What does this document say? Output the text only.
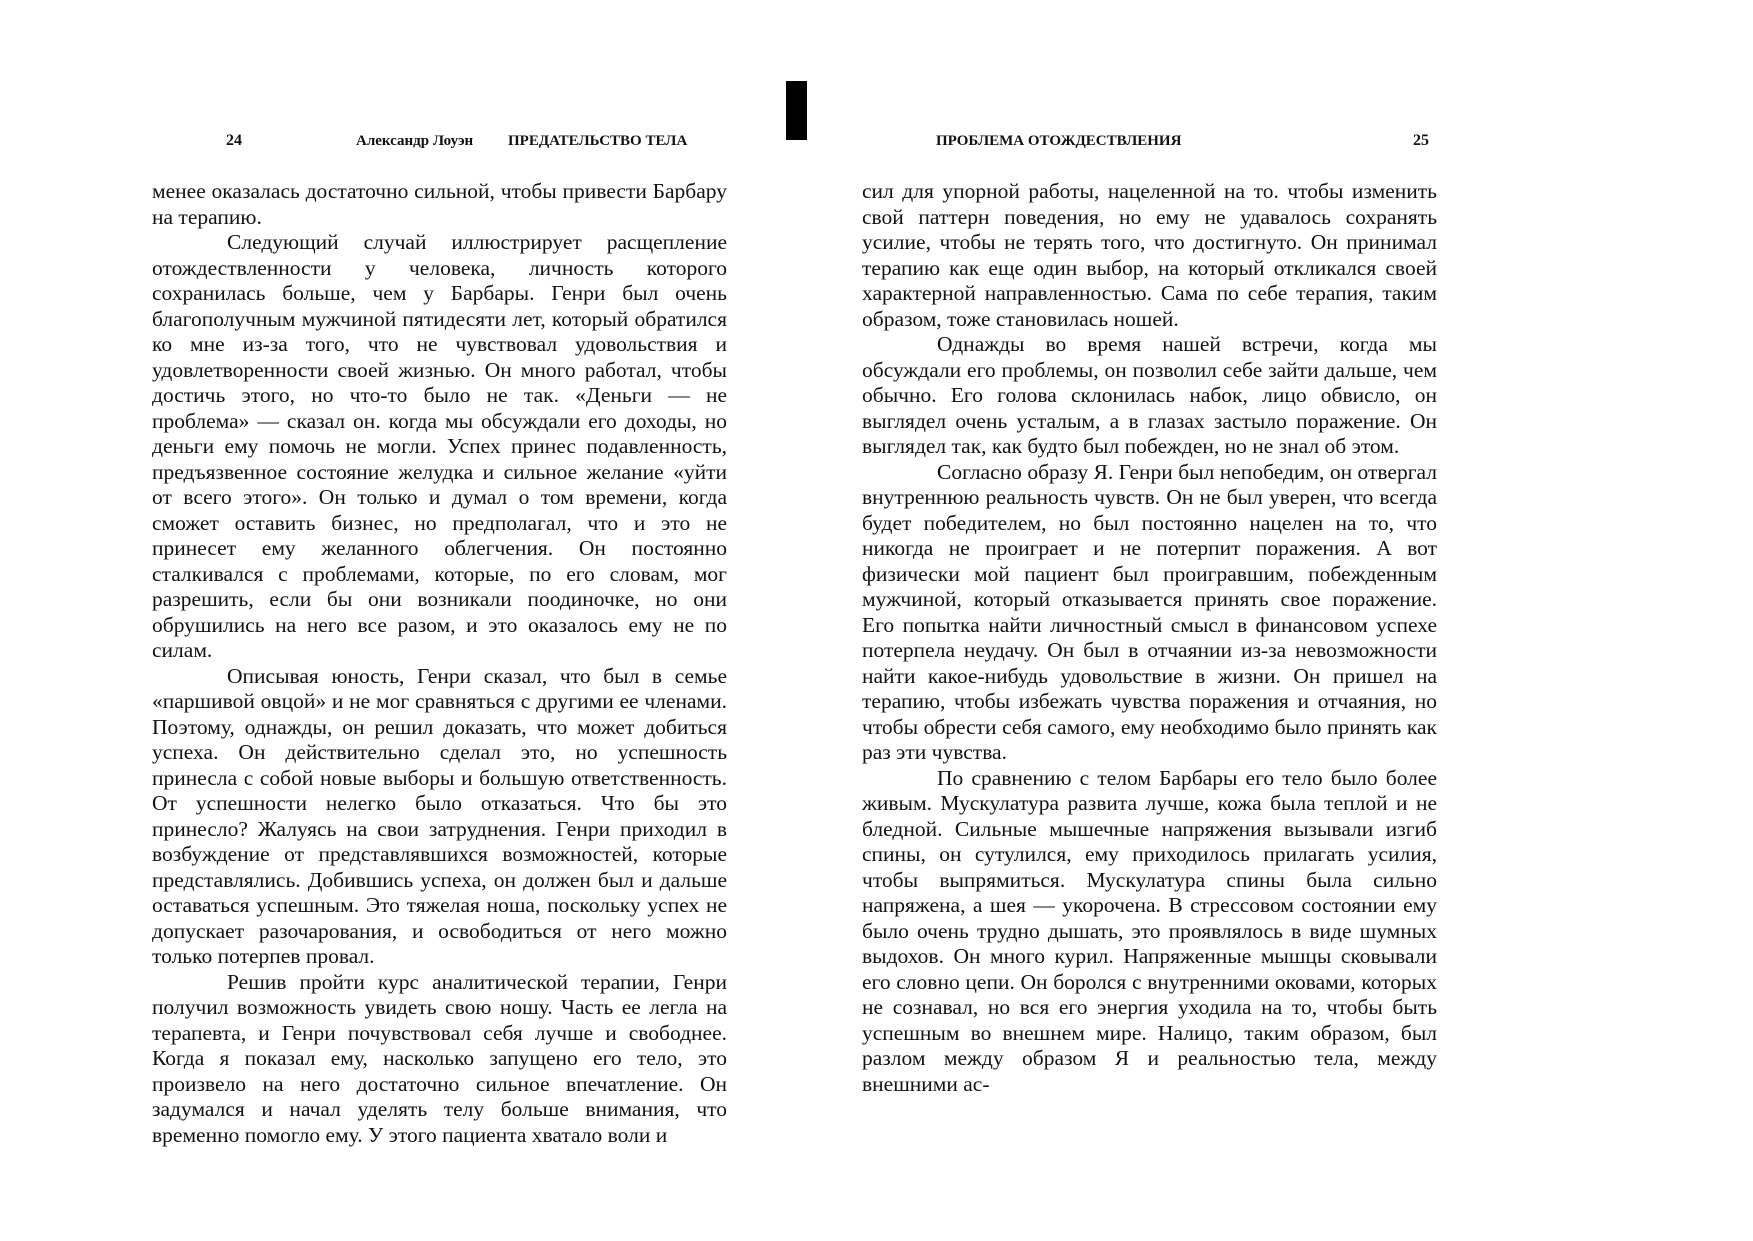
24	Александр Лоуэн ПРЕДАТЕЛЬСТВО ТЕЛА

менее оказалась достаточно сильной, чтобы привести Барбару на терапию.

Следующий случай иллюстрирует расщепление отождествленности у человека, личность которого сохранилась больше, чем у Барбары. Генри был очень благополучным мужчиной пятидесяти лет, который обратился ко мне из-за того, что не чувствовал удовольствия и удовлетворенности своей жизнью. Он много работал, чтобы достичь этого, но что-то было не так. «Деньги — не проблема» — сказал он. когда мы обсуждали его доходы, но деньги ему помочь не могли. Успех принес подавленность, предъязвенное состояние желудка и сильное желание «уйти от всего этого». Он только и думал о том времени, когда сможет оставить бизнес, но предполагал, что и это не принесет ему желанного облегчения. Он постоянно сталкивался с проблемами, которые, по его словам, мог разрешить, если бы они возникали поодиночке, но они обрушились на него все разом, и это оказалось ему не по силам.

Описывая юность, Генри сказал, что был в семье «паршивой овцой» и не мог сравняться с другими ее членами. Поэтому, однажды, он решил доказать, что может добиться успеха. Он действительно сделал это, но успешность принесла с собой новые выборы и большую ответственность. От успешности нелегко было отказаться. Что бы это принесло? Жалуясь на свои затруднения. Генри приходил в возбуждение от представлявшихся возможностей, которые представлялись. Добившись успеха, он должен был и дальше оставаться успешным. Это тяжелая ноша, поскольку успех не допускает разочарования, и освободиться от него можно только потерпев провал.

Решив пройти курс аналитической терапии, Генри получил возможность увидеть свою ношу. Часть ее легла на терапевта, и Генри почувствовал себя лучше и свободнее. Когда я показал ему, насколько запущено его тело, это произвело на него достаточно сильное впечатление. Он задумался и начал уделять телу больше внимания, что временно помогло ему. У этого пациента хватало воли и

ПРОБЛЕМА ОТОЖДЕСТВЛЕНИЯ	25

сил для упорной работы, нацеленной на то. чтобы изменить свой паттерн поведения, но ему не удавалось сохранять усилие, чтобы не терять того, что достигнуто. Он принимал терапию как еще один выбор, на который откликался своей характерной направленностью. Сама по себе терапия, таким образом, тоже становилась ношей.

Однажды во время нашей встречи, когда мы обсуждали его проблемы, он позволил себе зайти дальше, чем обычно. Его голова склонилась набок, лицо обвисло, он выглядел очень усталым, а в глазах застыло поражение. Он выглядел так, как будто был побежден, но не знал об этом.

Согласно образу Я. Генри был непобедим, он отвергал внутреннюю реальность чувств. Он не был уверен, что всегда будет победителем, но был постоянно нацелен на то, что никогда не проиграет и не потерпит поражения. А вот физически мой пациент был проигравшим, побежденным мужчиной, который отказывается принять свое поражение. Его попытка найти личностный смысл в финансовом успехе потерпела неудачу. Он был в отчаянии из-за невозможности найти какое-нибудь удовольствие в жизни. Он пришел на терапию, чтобы избежать чувства поражения и отчаяния, но чтобы обрести себя самого, ему необходимо было принять как раз эти чувства.

По сравнению с телом Барбары его тело было более живым. Мускулатура развита лучше, кожа была теплой и не бледной. Сильные мышечные напряжения вызывали изгиб спины, он сутулился, ему приходилось прилагать усилия, чтобы выпрямиться. Мускулатура спины была сильно напряжена, а шея — укорочена. В стрессовом состоянии ему было очень трудно дышать, это проявлялось в виде шумных выдохов. Он много курил. Напряженные мышцы сковывали его словно цепи. Он боролся с внутренними оковами, которых не сознавал, но вся его энергия уходила на то, чтобы быть успешным во внешнем мире. Налицо, таким образом, был разлом между образом Я и реальностью тела, между внешними ас-
